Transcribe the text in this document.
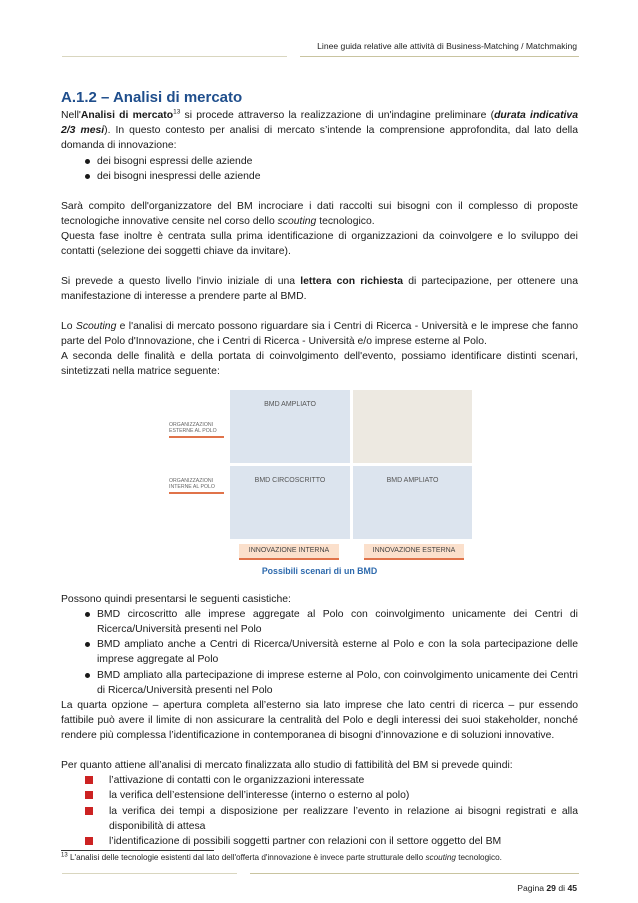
Linee guida relative alle attività di Business-Matching / Matchmaking
A.1.2 – Analisi di mercato

Nell'Analisi di mercato$^{13}$ si procede attraverso la realizzazione di un'indagine preliminare (durata indicativa 2/3 mesi). In questo contesto per analisi di mercato s’intende la comprensione approfondita, dal lato della domanda di innovazione:

dei bisogni espressi delle aziende
dei bisogni inespressi delle aziende

Sarà compito dell'organizzatore del BM incrociare i dati raccolti sui bisogni con il complesso di proposte tecnologiche innovative censite nel corso dello scouting tecnologico.

Questa fase inoltre è centrata sulla prima identificazione di organizzazioni da coinvolgere e lo sviluppo dei contatti (selezione dei soggetti chiave da invitare).

Si prevede a questo livello l'invio iniziale di una lettera con richiesta di partecipazione, per ottenere una manifestazione di interesse a prendere parte al BMD.

Lo Scouting e l'analisi di mercato possono riguardare sia i Centri di Ricerca - Università e le imprese che fanno parte del Polo d'Innovazione, che i Centri di Ricerca - Università e/o imprese esterne al Polo.

A seconda delle finalità e della portata di coinvolgimento dell'evento, possiamo identificare distinti scenari, sintetizzati nella matrice seguente:

ORGANIZZAZIONI ESTERNE AL POLO
ORGANIZZAZIONI INTERNE AL POLO
BMD AMPLIATO
BMD CIRCOSCRITTO	BMD AMPLIATO
INNOVAZIONE INTERNA	INNOVAZIONE ESTERNA
Possibili scenari di un BMD

Possono quindi presentarsi le seguenti casistiche:

BMD circoscritto alle imprese aggregate al Polo con coinvolgimento unicamente dei Centri di Ricerca/Università presenti nel Polo
BMD ampliato anche a Centri di Ricerca/Università esterne al Polo e con la sola partecipazione delle imprese aggregate al Polo
BMD ampliato alla partecipazione di imprese esterne al Polo, con coinvolgimento unicamente dei Centri di Ricerca/Università presenti nel Polo

La quarta opzione – apertura completa all’esterno sia lato imprese che lato centri di ricerca – pur essendo fattibile può avere il limite di non assicurare la centralità del Polo e degli interessi dei suoi stakeholder, nonché rendere più complessa l’identificazione in contemporanea di bisogni d’innovazione e di soluzioni innovative.

Per quanto attiene all’analisi di mercato finalizzata allo studio di fattibilità del BM si prevede quindi:

l’attivazione di contatti con le organizzazioni interessate
la verifica dell’estensione dell’interesse (interno o esterno al polo)
la verifica dei tempi a disposizione per realizzare l’evento in relazione ai bisogni registrati e alla disponibilità di attesa
l’identificazione di possibili soggetti partner con relazioni con il settore oggetto del BM
$^{13}$ L'analisi delle tecnologie esistenti dal lato dell'offerta d'innovazione è invece parte strutturale dello scouting tecnologico.
Pagina 29 di 45
